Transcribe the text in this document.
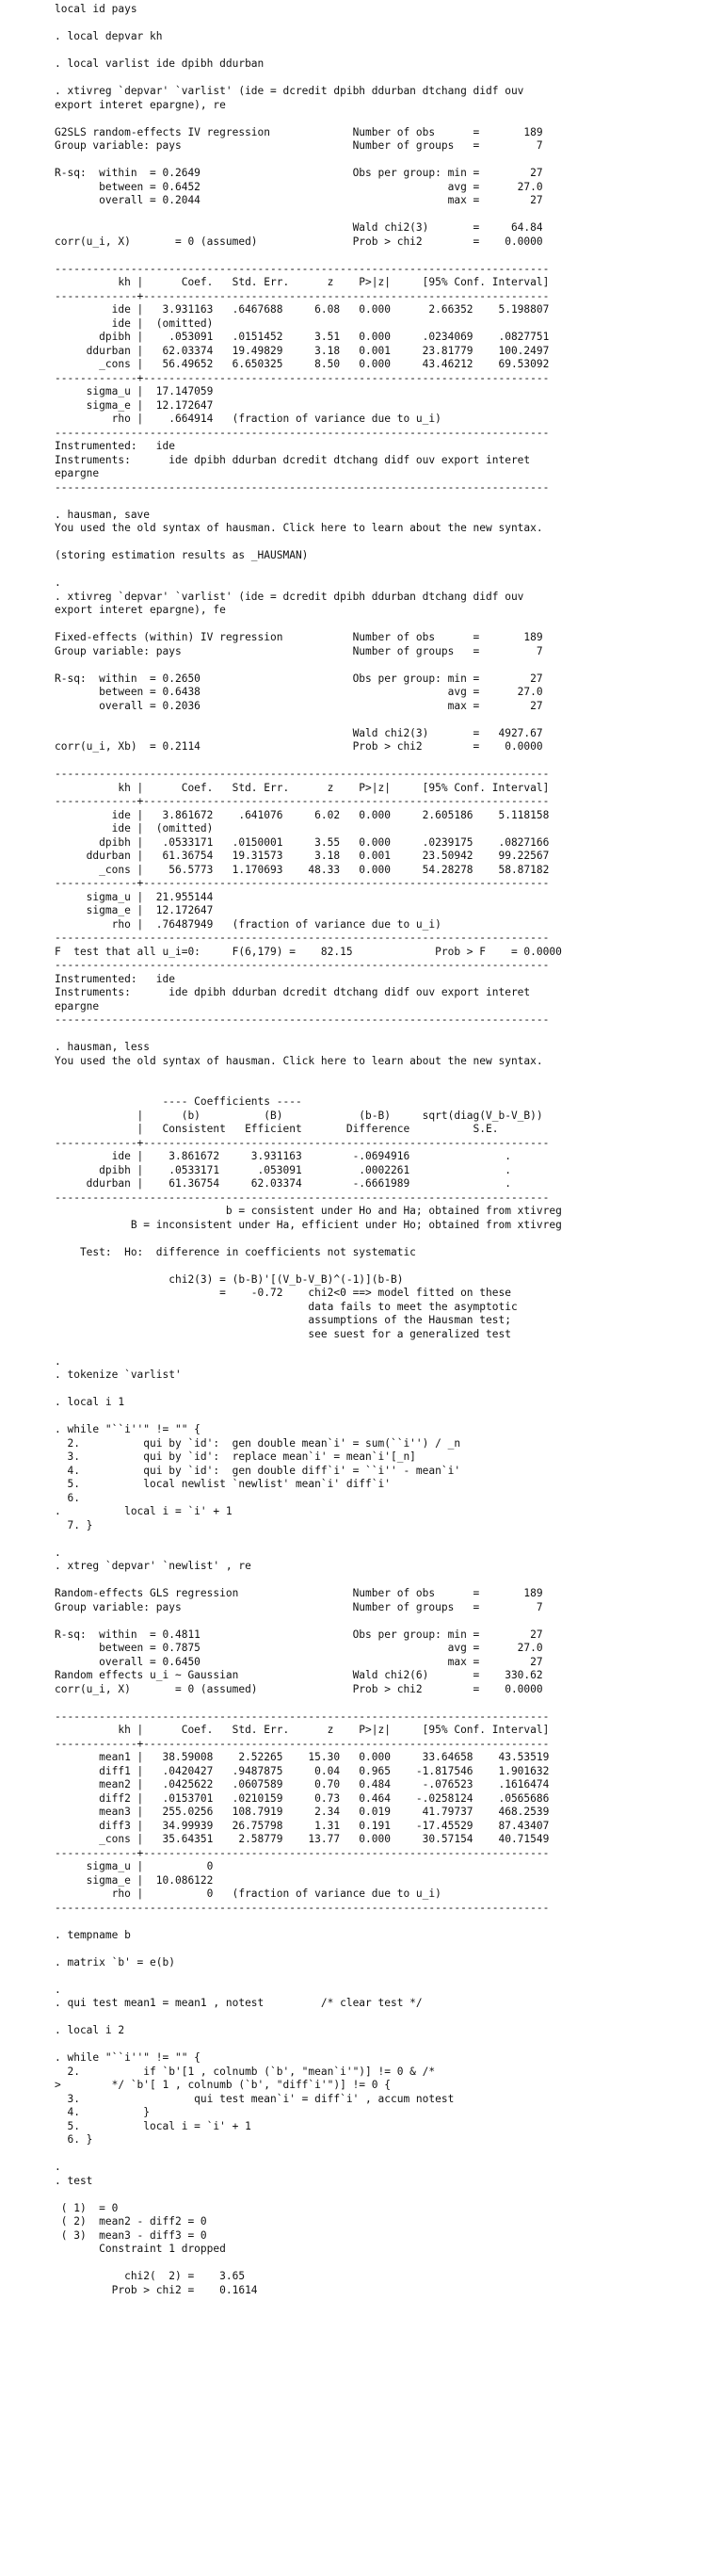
local id pays

. local depvar kh

. local varlist ide dpibh ddurban

. xtivreg `depvar' `varlist' (ide = dcredit dpibh ddurban dtchang didf ouv
export interet epargne), re

G2SLS random-effects IV regression             Number of obs      =       189
Group variable: pays                           Number of groups   =         7

R-sq:  within  = 0.2649                        Obs per group: min =        27
between = 0.6452                                       avg =      27.0
overall = 0.2044                                       max =        27

Wald chi2(3)       =     64.84
corr(u_i, X)       = 0 (assumed)               Prob > chi2        =    0.0000

------------------------------------------------------------------------------
kh |      Coef.   Std. Err.      z    P>|z|     [95% Conf. Interval]
-------------+----------------------------------------------------------------
ide |   3.931163   .6467688     6.08   0.000      2.66352    5.198807
ide |  (omitted)
dpibh |    .053091   .0151452     3.51   0.000     .0234069    .0827751
ddurban |   62.03374   19.49829     3.18   0.001     23.81779    100.2497
_cons |   56.49652   6.650325     8.50   0.000     43.46212    69.53092
-------------+----------------------------------------------------------------
sigma_u |  17.147059
sigma_e |  12.172647
rho |    .664914   (fraction of variance due to u_i)
------------------------------------------------------------------------------
Instrumented:   ide
Instruments:      ide dpibh ddurban dcredit dtchang didf ouv export interet
epargne
------------------------------------------------------------------------------

. hausman, save
You used the old syntax of hausman. Click here to learn about the new syntax.

(storing estimation results as _HAUSMAN)

.
. xtivreg `depvar' `varlist' (ide = dcredit dpibh ddurban dtchang didf ouv
export interet epargne), fe

Fixed-effects (within) IV regression           Number of obs      =       189
Group variable: pays                           Number of groups   =         7

R-sq:  within  = 0.2650                        Obs per group: min =        27
between = 0.6438                                       avg =      27.0
overall = 0.2036                                       max =        27

Wald chi2(3)       =   4927.67
corr(u_i, Xb)  = 0.2114                        Prob > chi2        =    0.0000

------------------------------------------------------------------------------
kh |      Coef.   Std. Err.      z    P>|z|     [95% Conf. Interval]
-------------+----------------------------------------------------------------
ide |   3.861672    .641076     6.02   0.000     2.605186    5.118158
ide |  (omitted)
dpibh |   .0533171   .0150001     3.55   0.000     .0239175    .0827166
ddurban |   61.36754   19.31573     3.18   0.001     23.50942    99.22567
_cons |    56.5773   1.170693    48.33   0.000     54.28278    58.87182
-------------+----------------------------------------------------------------
sigma_u |  21.955144
sigma_e |  12.172647
rho |  .76487949   (fraction of variance due to u_i)
------------------------------------------------------------------------------
F  test that all u_i=0:     F(6,179) =    82.15             Prob > F    = 0.0000
------------------------------------------------------------------------------
Instrumented:   ide
Instruments:      ide dpibh ddurban dcredit dtchang didf ouv export interet
epargne
------------------------------------------------------------------------------

. hausman, less
You used the old syntax of hausman. Click here to learn about the new syntax.

---- Coefficients ----
|      (b)          (B)            (b-B)     sqrt(diag(V_b-V_B))
|   Consistent   Efficient       Difference          S.E.
-------------+----------------------------------------------------------------
ide |    3.861672     3.931163        -.0694916               .
dpibh |    .0533171      .053091         .0002261               .
ddurban |    61.36754     62.03374        -.6661989               .
------------------------------------------------------------------------------
b = consistent under Ho and Ha; obtained from xtivreg
B = inconsistent under Ha, efficient under Ho; obtained from xtivreg

Test:  Ho:  difference in coefficients not systematic

chi2(3) = (b-B)'[(V_b-V_B)^(-1)](b-B)
=    -0.72    chi2<0 ==> model fitted on these
data fails to meet the asymptotic
assumptions of the Hausman test;
see suest for a generalized test

.
. tokenize `varlist'

. local i 1

. while "``i''" != "" {
2.          qui by `id':  gen double mean`i' = sum(``i'') / _n
3.          qui by `id':  replace mean`i' = mean`i'[_n]
4.          qui by `id':  gen double diff`i' = ``i'' - mean`i'
5.          local newlist `newlist' mean`i' diff`i'
6.
.          local i = `i' + 1
7. }

.
. xtreg `depvar' `newlist' , re

Random-effects GLS regression                  Number of obs      =       189
Group variable: pays                           Number of groups   =         7

R-sq:  within  = 0.4811                        Obs per group: min =        27
between = 0.7875                                       avg =      27.0
overall = 0.6450                                       max =        27
Random effects u_i ~ Gaussian                  Wald chi2(6)       =    330.62
corr(u_i, X)       = 0 (assumed)               Prob > chi2        =    0.0000

------------------------------------------------------------------------------
kh |      Coef.   Std. Err.      z    P>|z|     [95% Conf. Interval]
-------------+----------------------------------------------------------------
mean1 |   38.59008    2.52265    15.30   0.000     33.64658    43.53519
diff1 |   .0420427   .9487875     0.04   0.965    -1.817546    1.901632
mean2 |   .0425622   .0607589     0.70   0.484     -.076523    .1616474
diff2 |   .0153701   .0210159     0.73   0.464    -.0258124    .0565686
mean3 |   255.0256   108.7919     2.34   0.019     41.79737    468.2539
diff3 |   34.99939   26.75798     1.31   0.191    -17.45529    87.43407
_cons |   35.64351    2.58779    13.77   0.000     30.57154    40.71549
-------------+----------------------------------------------------------------
sigma_u |          0
sigma_e |  10.086122
rho |          0   (fraction of variance due to u_i)
------------------------------------------------------------------------------

. tempname b

. matrix `b' = e(b)

.
. qui test mean1 = mean1 , notest         /* clear test */

. local i 2

. while "``i''" != "" {
2.          if `b'[1 , colnumb (`b', "mean`i'")] != 0 & /*
>        */ `b'[ 1 , colnumb (`b', "diff`i'")] != 0 {
3.                  qui test mean`i' = diff`i' , accum notest
4.          }
5.          local i = `i' + 1
6. }

.
. test

( 1)  = 0
( 2)  mean2 - diff2 = 0
( 3)  mean3 - diff3 = 0
Constraint 1 dropped

chi2(  2) =    3.65
Prob > chi2 =    0.1614
